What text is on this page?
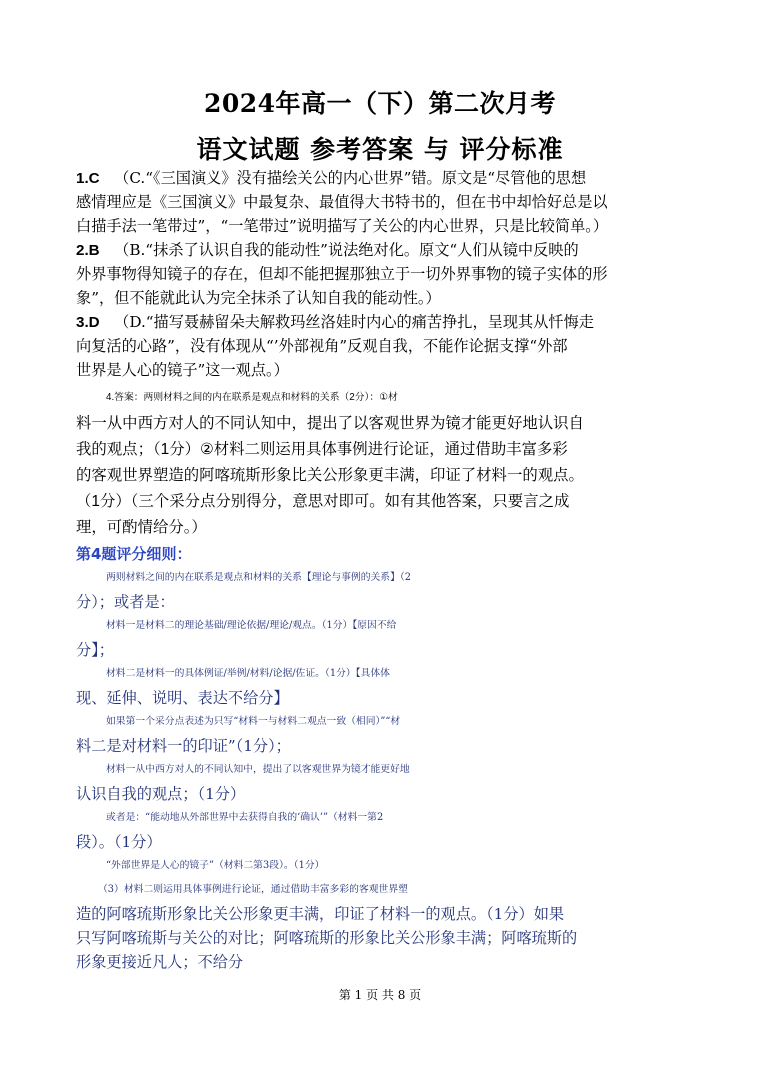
2024年高一（下）第二次月考
语文试题 参考答案 与 评分标准
1.C （C.“《三国演义》没有描绘关公的内心世界”错。原文是“尽管他的思想
感情理应是《三国演义》中最复杂、最值得大书特书的，但在书中却恰好总是以
白描手法一笔带过”，“一笔带过”说明描写了关公的内心世界，只是比较简单。）
2.B （B.“抹杀了认识自我的能动性”说法绝对化。原文“人们从镜中反映的
外界事物得知镜子的存在，但却不能把握那独立于一切外界事物的镜子实体的形
象”，但不能就此认为完全抹杀了认知自我的能动性。）
3.D （D.“描写聂赫留朵夫解救玛丝洛娃时内心的痛苦挣扎，呈现其从忏悔走
向复活的心路”，没有体现从“’外部视角”反观自我，不能作论据支撑“外部
世界是人心的镜子”这一观点。）
4.答案：两则材料之间的内在联系是观点和材料的关系（2分）：①材
料一从中西方对人的不同认知中，提出了以客观世界为镜才能更好地认识自
我的观点；（1分）②材料二则运用具体事例进行论证，通过借助丰富多彩
的客观世界塑造的阿喀琉斯形象比关公形象更丰满，印证了材料一的观点。
（1分）（三个采分点分别得分，意思对即可。如有其他答案，只要言之成
理，可酌情给分。）
第4题评分细则：
两则材料之间的内在联系是观点和材料的关系【理论与事例的关系】（2
分）；或者是：
材料一是材料二的理论基础/理论依据/理论/观点。（1分）【原因不给
分】；
材料二是材料一的具体例证/举例/材料/论据/佐证。（1分）【具体体
现、延伸、说明、表达不给分】
如果第一个采分点表述为只写“材料一与材料二观点一致（相同）”“材
料二是对材料一的印证”（1分）；
材料一从中西方对人的不同认知中，提出了以客观世界为镜才能更好地
认识自我的观点；（1分）
或者是：“能动地从外部世界中去获得自我的‘确认’”（材料一第2
段）。（1分）
“外部世界是人心的镜子”（材料二第3段）。（1分）
（3）材料二则运用具体事例进行论证，通过借助丰富多彩的客观世界塑
造的阿喀琉斯形象比关公形象更丰满，印证了材料一的观点。（1分）如果
只写阿喀琉斯与关公的对比；阿喀琉斯的形象比关公形象丰满；阿喀琉斯的
形象更接近凡人；不给分
第 1 页 共 8 页
